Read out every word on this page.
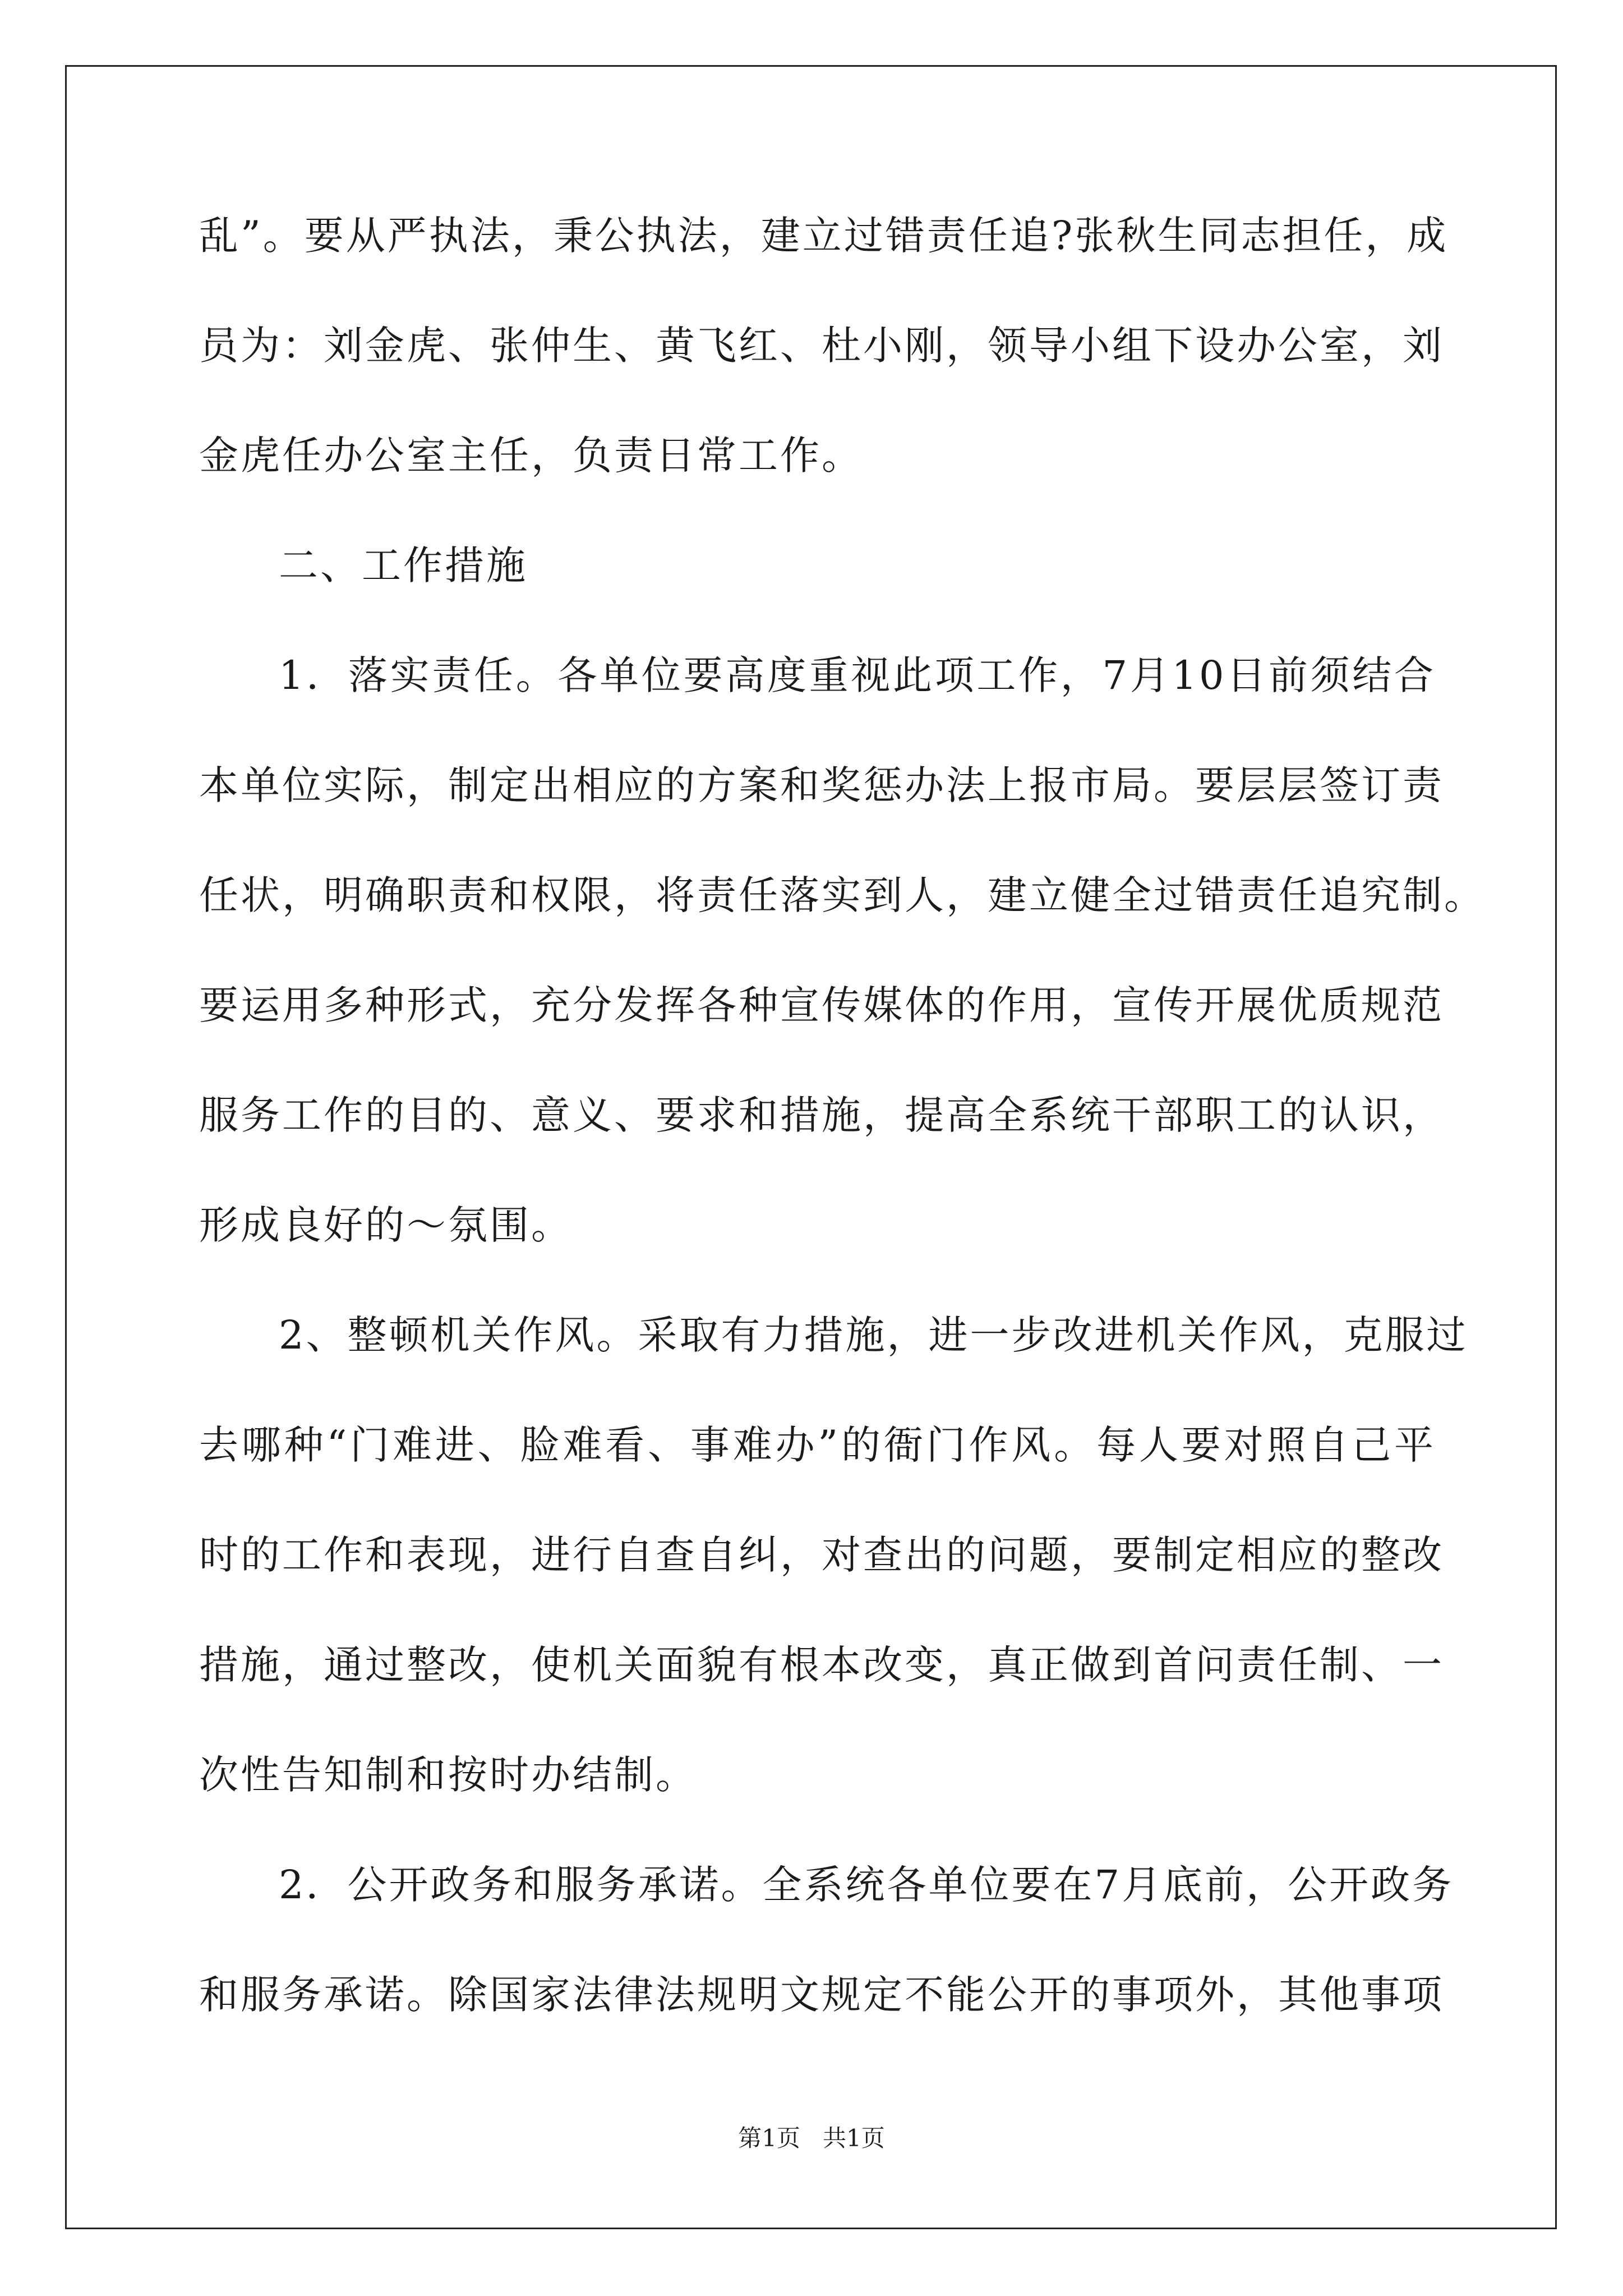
乱”。要从严执法，秉公执法，建立过错责任追?张秋生同志担任，成
员为：刘金虎、张仲生、黄飞红、杜小刚，领导小组下设办公室，刘
金虎任办公室主任，负责日常工作。
二、工作措施
1．落实责任。各单位要高度重视此项工作，7月10日前须结合
本单位实际，制定出相应的方案和奖惩办法上报市局。要层层签订责
任状，明确职责和权限，将责任落实到人，建立健全过错责任追究制。
要运用多种形式，充分发挥各种宣传媒体的作用，宣传开展优质规范
服务工作的目的、意义、要求和措施，提高全系统干部职工的认识，
形成良好的～氛围。
2、整顿机关作风。采取有力措施，进一步改进机关作风，克服过
去哪种“门难进、脸难看、事难办”的衙门作风。每人要对照自己平
时的工作和表现，进行自查自纠，对查出的问题，要制定相应的整改
措施，通过整改，使机关面貌有根本改变，真正做到首问责任制、一
次性告知制和按时办结制。
2．公开政务和服务承诺。全系统各单位要在7月底前，公开政务
和服务承诺。除国家法律法规明文规定不能公开的事项外，其他事项
第1页 共1页
